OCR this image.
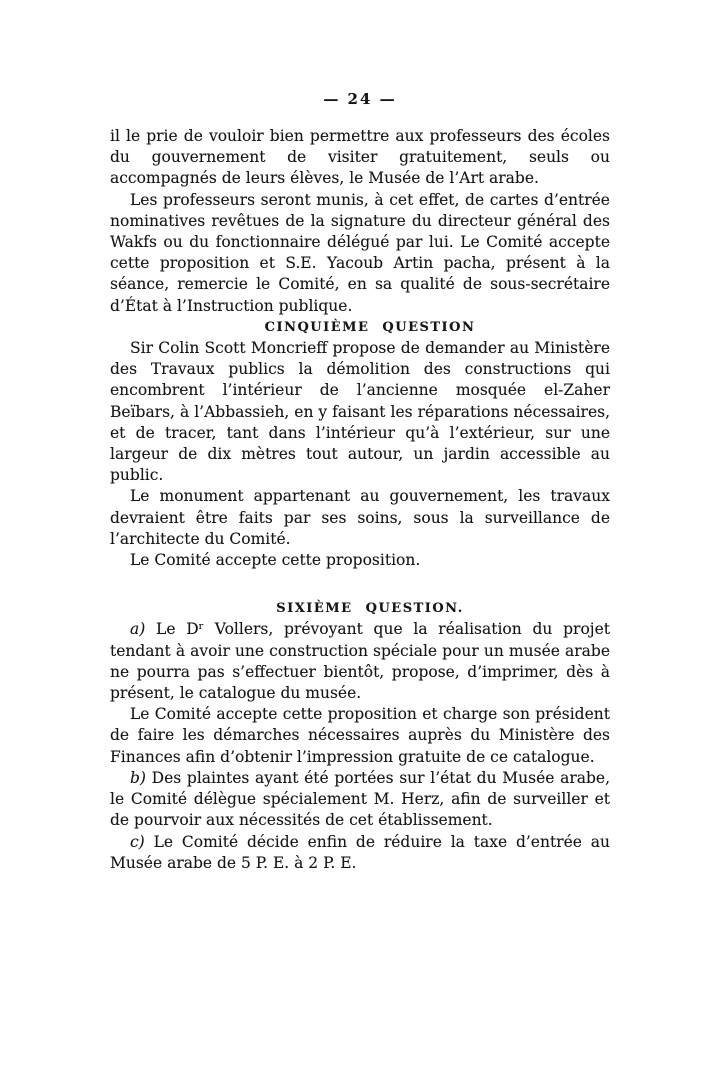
— 24 —

il le prie de vouloir bien permettre aux professeurs des écoles du gouvernement de visiter gratuitement, seuls ou accompagnés de leurs élèves, le Musée de l’Art arabe.

Les professeurs seront munis, à cet effet, de cartes d’entrée nominatives revêtues de la signature du directeur général des Wakfs ou du fonctionnaire délégué par lui. Le Comité accepte cette proposition et S.E. Yacoub Artin pacha, présent à la séance, remercie le Comité, en sa qualité de sous-secrétaire d’État à l’Instruction publique.

CINQUIÈME QUESTION

Sir Colin Scott Moncrieff propose de demander au Ministère des Travaux publics la démolition des constructions qui encombrent l’intérieur de l’ancienne mosquée el-Zaher Beïbars, à l’Abbassieh, en y faisant les réparations nécessaires, et de tracer, tant dans l’intérieur qu’à l’extérieur, sur une largeur de dix mètres tout autour, un jardin accessible au public.

Le monument appartenant au gouvernement, les travaux devraient être faits par ses soins, sous la surveillance de l’architecte du Comité.

Le Comité accepte cette proposition.

SIXIÈME QUESTION.

a) Le Dʳ Vollers, prévoyant que la réalisation du projet tendant à avoir une construction spéciale pour un musée arabe ne pourra pas s’effectuer bientôt, propose, d’imprimer, dès à présent, le catalogue du musée.

Le Comité accepte cette proposition et charge son président de faire les démarches nécessaires auprès du Ministère des Finances afin d’obtenir l’impression gratuite de ce catalogue.

b) Des plaintes ayant été portées sur l’état du Musée arabe, le Comité délègue spécialement M. Herz, afin de surveiller et de pourvoir aux nécessités de cet établissement.

c) Le Comité décide enfin de réduire la taxe d’entrée au Musée arabe de 5 P. E. à 2 P. E.
